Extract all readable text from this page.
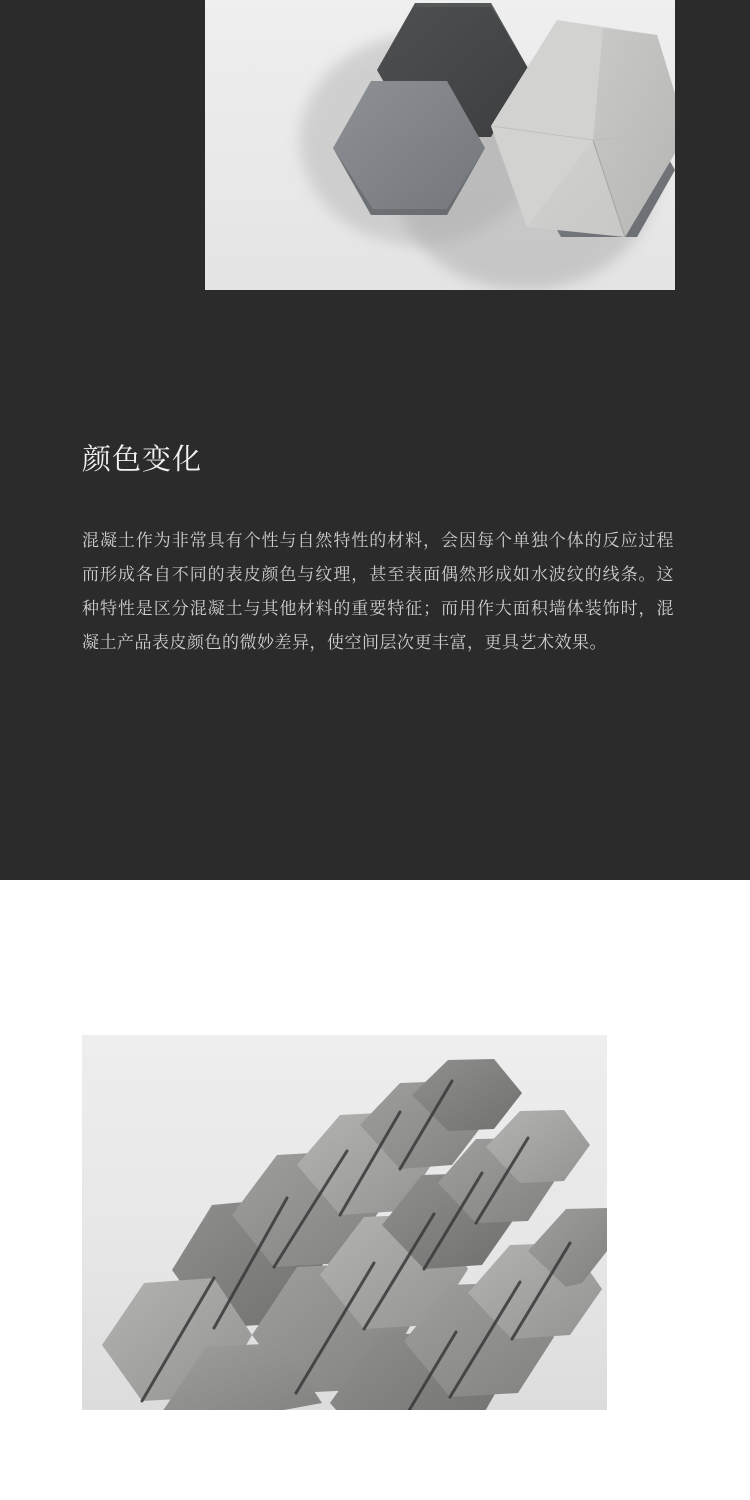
颜色变化

混凝土作为非常具有个性与自然特性的材料，会因每个单独个体的反应过程而形成各自不同的表皮颜色与纹理，甚至表面偶然形成如水波纹的线条。这种特性是区分混凝土与其他材料的重要特征；而用作大面积墙体装饰时，混凝土产品表皮颜色的微妙差异，使空间层次更丰富，更具艺术效果。
